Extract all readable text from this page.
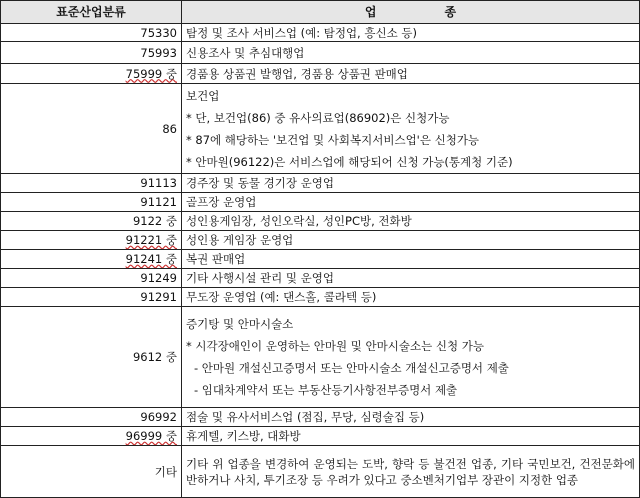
표준산업분류	업 종
75330	탐정 및 조사 서비스업 (예: 탐정업, 흥신소 등)
75993	신용조사 및 추심대행업
75999 중	경품용 상품권 발행업, 경품용 상품권 판매업
86	보건업
* 단, 보건업(86) 중 유사의료업(86902)은 신청가능
* 87에 해당하는 '보건업 및 사회복지서비스업'은 신청가능
* 안마원(96122)은 서비스업에 해당되어 신청 가능(통계청 기준)

91113	경주장 및 동물 경기장 운영업
91121	골프장 운영업
9122 중	성인용게임장, 성인오락실, 성인PC방, 전화방
91221 중	성인용 게임장 운영업
91241 중	복권 판매업
91249	기타 사행시설 관리 및 운영업
91291	무도장 운영업 (예: 댄스홀, 콜라텍 등)
9612 중	증기탕 및 안마시술소
* 시각장애인이 운영하는 안마원 및 안마시술소는 신청 가능
- 안마원 개설신고증명서 또는 안마시술소 개설신고증명서 제출
- 임대차계약서 또는 부동산등기사항전부증명서 제출

96992	점술 및 유사서비스업 (점집, 무당, 심령술집 등)
96999 중	휴게텔, 키스방, 대화방
기타	기타 위 업종을 변경하여 운영되는 도박, 향락 등 불건전 업종, 기타 국민보건, 건전문화에 반하거나 사치, 투기조장 등 우려가 있다고 중소벤처기업부 장관이 지정한 업종
